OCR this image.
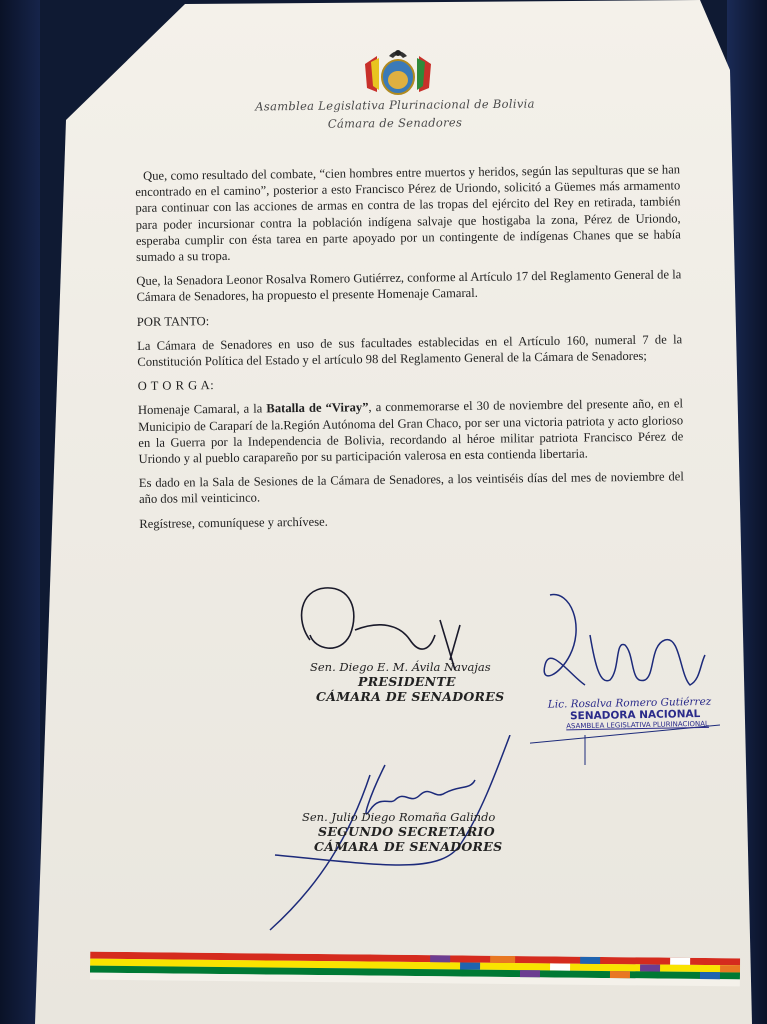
Asamblea Legislativa Plurinacional de Bolivia
Cámara de Senadores

Que, como resultado del combate, “cien hombres entre muertos y heridos, según las sepulturas que se han encontrado en el camino”, posterior a esto Francisco Pérez de Uriondo, solicitó a Güemes más armamento para continuar con las acciones de armas en contra de las tropas del ejército del Rey en retirada, también para poder incursionar contra la población indígena salvaje que hostigaba la zona, Pérez de Uriondo, esperaba cumplir con ésta tarea en parte apoyado por un contingente de indígenas Chanes que se había sumado a su tropa.

Que, la Senadora Leonor Rosalva Romero Gutiérrez, conforme al Artículo 17 del Reglamento General de la Cámara de Senadores, ha propuesto el presente Homenaje Camaral.

POR TANTO:

La Cámara de Senadores en uso de sus facultades establecidas en el Artículo 160, numeral 7 de la Constitución Política del Estado y el artículo 98 del Reglamento General de la Cámara de Senadores;

O T O R G A:

Homenaje Camaral, a la Batalla de “Viray”, a conmemorarse el 30 de noviembre del presente año, en el Municipio de Caraparí de la.Región Autónoma del Gran Chaco, por ser una victoria patriota y acto glorioso en la Guerra por la Independencia de Bolivia, recordando al héroe militar patriota Francisco Pérez de Uriondo y al pueblo carapareño por su participación valerosa en esta contienda libertaria.

Es dado en la Sala de Sesiones de la Cámara de Senadores, a los veintiséis días del mes de noviembre del año dos mil veinticinco.

Regístrese, comuníquese y archívese.

Sen. Diego E. M. Ávila Navajas
PRESIDENTE
CÁMARA DE SENADORES	Lic. Rosalva Romero Gutiérrez
SENADORA NACIONAL
ASAMBLEA LEGISLATIVA PLURINACIONAL
Sen. Julio Diego Romaña Galindo
SEGUNDO SECRETARIO
CÁMARA DE SENADORES
